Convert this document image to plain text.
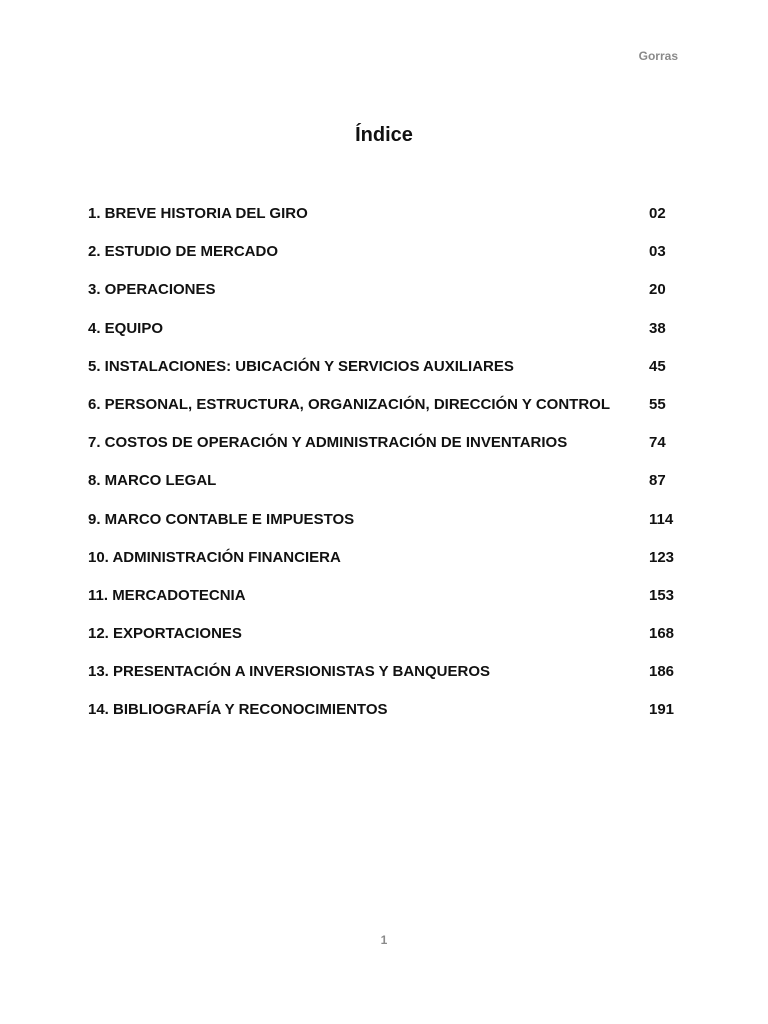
Gorras
Índice
1. BREVE HISTORIA DEL GIRO	02
2. ESTUDIO DE MERCADO	03
3. OPERACIONES	20
4. EQUIPO	38
5. INSTALACIONES: UBICACIÓN Y SERVICIOS AUXILIARES	45
6. PERSONAL, ESTRUCTURA, ORGANIZACIÓN, DIRECCIÓN Y CONTROL	55
7. COSTOS DE OPERACIÓN Y ADMINISTRACIÓN DE INVENTARIOS	74
8. MARCO LEGAL	87
9. MARCO CONTABLE E IMPUESTOS	114
10. ADMINISTRACIÓN FINANCIERA	123
11. MERCADOTECNIA	153
12. EXPORTACIONES	168
13. PRESENTACIÓN A INVERSIONISTAS Y BANQUEROS	186
14. BIBLIOGRAFÍA Y RECONOCIMIENTOS	191
1
